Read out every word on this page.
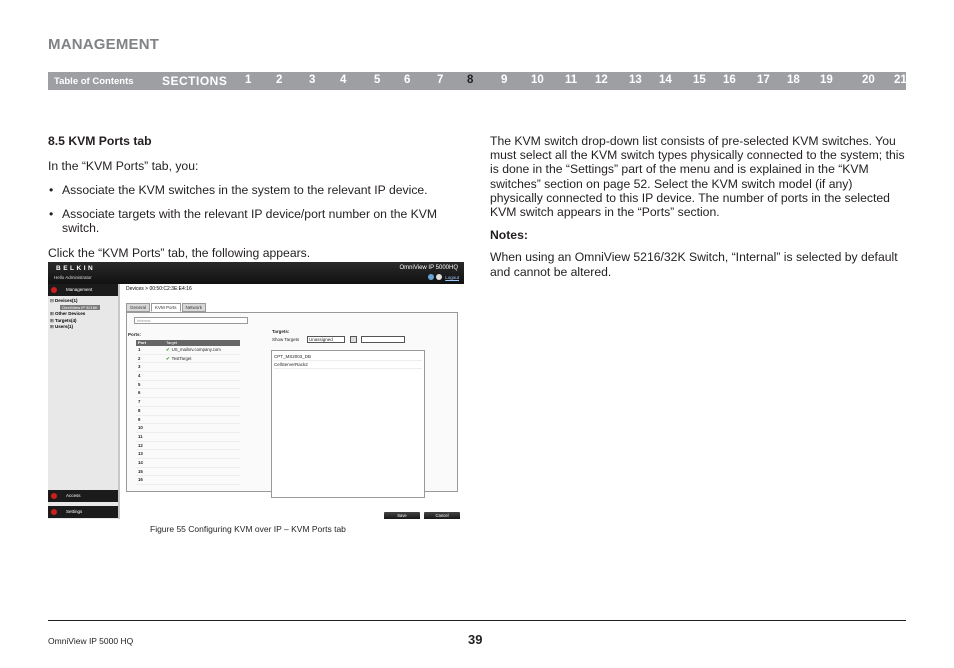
MANAGEMENT
Table of Contents	SECTIONS	1 2 3 4 5 6 7 8 9 10 11 12 13 14 15 16 17 18 19	20 21
8.5 KVM Ports tab
In the “KVM Ports” tab, you:
• Associate the KVM switches in the system to the relevant IP device.
• Associate targets with the relevant IP device/port number on the KVM switch.
Click the “KVM Ports” tab, the following appears.
The KVM switch drop-down list consists of pre-selected KVM switches. You must select all the KVM switch types physically connected to the system; this is done in the “Settings” part of the menu and is explained in the “KVM switches” section on page 52. Select the KVM switch model (if any) physically connected to this IP device. The number of ports in the selected KVM switch appears in the “Ports” section.
Notes:
When using an OmniView 5216/32K Switch, “Internal” is selected by default and cannot be altered.
BELKIN
Hello Administrator
OmniView IP 5000HQ
Logout
Management
⊟ Devices(1)
OmniView IP 5216K
⊞ Other Devices
⊞ Targets(4)
⊞ Users(1)
Access
Settings
Devices > 00:50:C2:3E:E4:16
General	KVM Ports	Network
Internal
Ports:
Targets:
Show Targets	Unassigned
Port	Target
1	✔ US_mailsrv.company.com
2	✔ TestTarget
3
4
5
6
7
8
9
10
11
12
13
14
15
16
CPT_MS2003_DB
CellServerRack2
Save	Cancel
Figure 55 Configuring KVM over IP – KVM Ports tab
OmniView IP 5000 HQ	39
